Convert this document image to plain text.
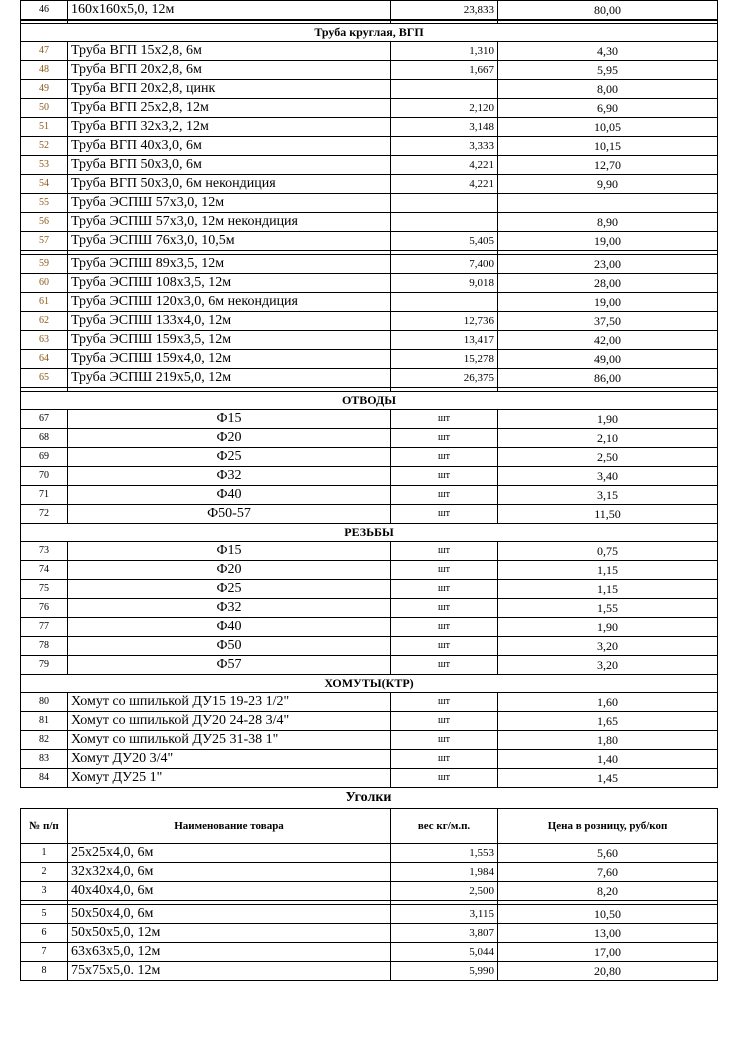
46	160x160x5,0, 12м	23,833	80,00

Труба круглая, ВГП			
47	Труба ВГП 15х2,8, 6м	1,310	4,30
48	Труба ВГП 20х2,8, 6м	1,667	5,95
49	Труба ВГП 20х2,8, цинк		8,00
50	Труба ВГП 25х2,8, 12м	2,120	6,90
51	Труба ВГП 32х3,2, 12м	3,148	10,05
52	Труба ВГП 40х3,0, 6м	3,333	10,15
53	Труба ВГП 50х3,0, 6м	4,221	12,70
54	Труба ВГП 50х3,0, 6м некондиция	4,221	9,90
55	Труба ЭСПШ 57х3,0, 12м		
56	Труба ЭСПШ 57х3,0, 12м некондиция		8,90
57	Труба ЭСПШ 76х3,0, 10,5м	5,405	19,00

59	Труба ЭСПШ 89х3,5, 12м	7,400	23,00
60	Труба ЭСПШ 108х3,5, 12м	9,018	28,00
61	Труба ЭСПШ 120х3,0, 6м некондиция		19,00
62	Труба ЭСПШ 133х4,0, 12м	12,736	37,50
63	Труба ЭСПШ 159х3,5, 12м	13,417	42,00
64	Труба ЭСПШ 159х4,0, 12м	15,278	49,00
65	Труба ЭСПШ 219х5,0, 12м	26,375	86,00

ОТВОДЫ			
67	Ф15	шт	1,90
68	Ф20	шт	2,10
69	Ф25	шт	2,50
70	Ф32	шт	3,40
71	Ф40	шт	3,15
72	Ф50-57	шт	11,50
РЕЗЬБЫ			
73	Ф15	шт	0,75
74	Ф20	шт	1,15
75	Ф25	шт	1,15
76	Ф32	шт	1,55
77	Ф40	шт	1,90
78	Ф50	шт	3,20
79	Ф57	шт	3,20
ХОМУТЫ(КТР)			
80	Хомут со шпилькой ДУ15 19-23 1/2"	шт	1,60
81	Хомут со шпилькой ДУ20 24-28 3/4"	шт	1,65
82	Хомут со шпилькой ДУ25 31-38 1"	шт	1,80
83	Хомут ДУ20 3/4"	шт	1,40
84	Хомут ДУ25 1"	шт	1,45
Уголки
№ п/п	Наименование товара	вес кг/м.п.	Цена в розницу, руб/коп
1	25х25х4,0, 6м	1,553	5,60
2	32х32х4,0, 6м	1,984	7,60
3	40х40х4,0, 6м	2,500	8,20

5	50х50х4,0, 6м	3,115	10,50
6	50х50х5,0, 12м	3,807	13,00
7	63х63х5,0, 12м	5,044	17,00
8	75х75х5,0. 12м	5,990	20,80
